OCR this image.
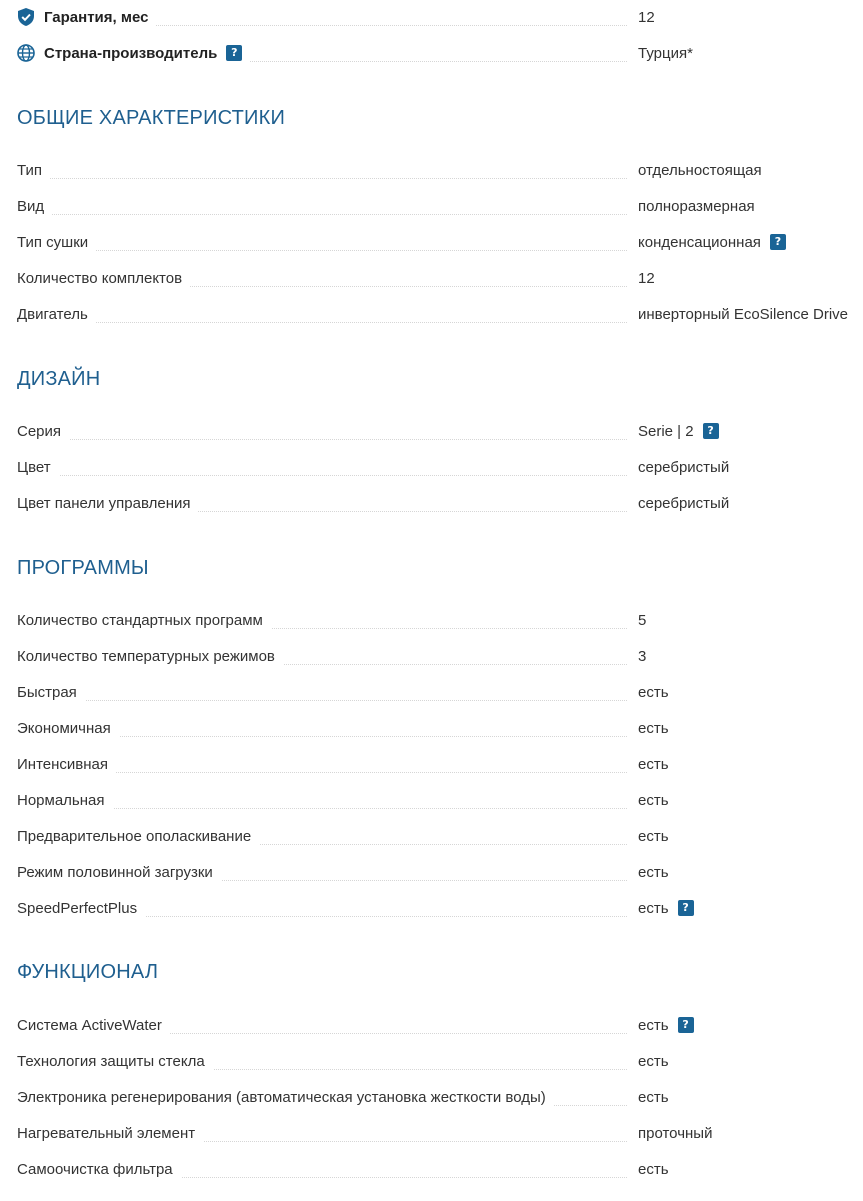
Гарантия, мес	12
Страна-производитель	?	Турция*
ОБЩИЕ ХАРАКТЕРИСТИКИ
Тип	отдельностоящая
Вид	полноразмерная
Тип сушки	конденсационная	?
Количество комплектов	12
Двигатель	инверторный EcoSilence Drive
ДИЗАЙН
Серия	Serie | 2	?
Цвет	серебристый
Цвет панели управления	серебристый
ПРОГРАММЫ
Количество стандартных программ	5
Количество температурных режимов	3
Быстрая	есть
Экономичная	есть
Интенсивная	есть
Нормальная	есть
Предварительное ополаскивание	есть
Режим половинной загрузки	есть
SpeedPerfectPlus	есть	?
ФУНКЦИОНАЛ
Система ActiveWater	есть	?
Технология защиты стекла	есть
Электроника регенерирования (автоматическая установка жесткости воды)	есть
Нагревательный элемент	проточный
Самоочистка фильтра	есть
